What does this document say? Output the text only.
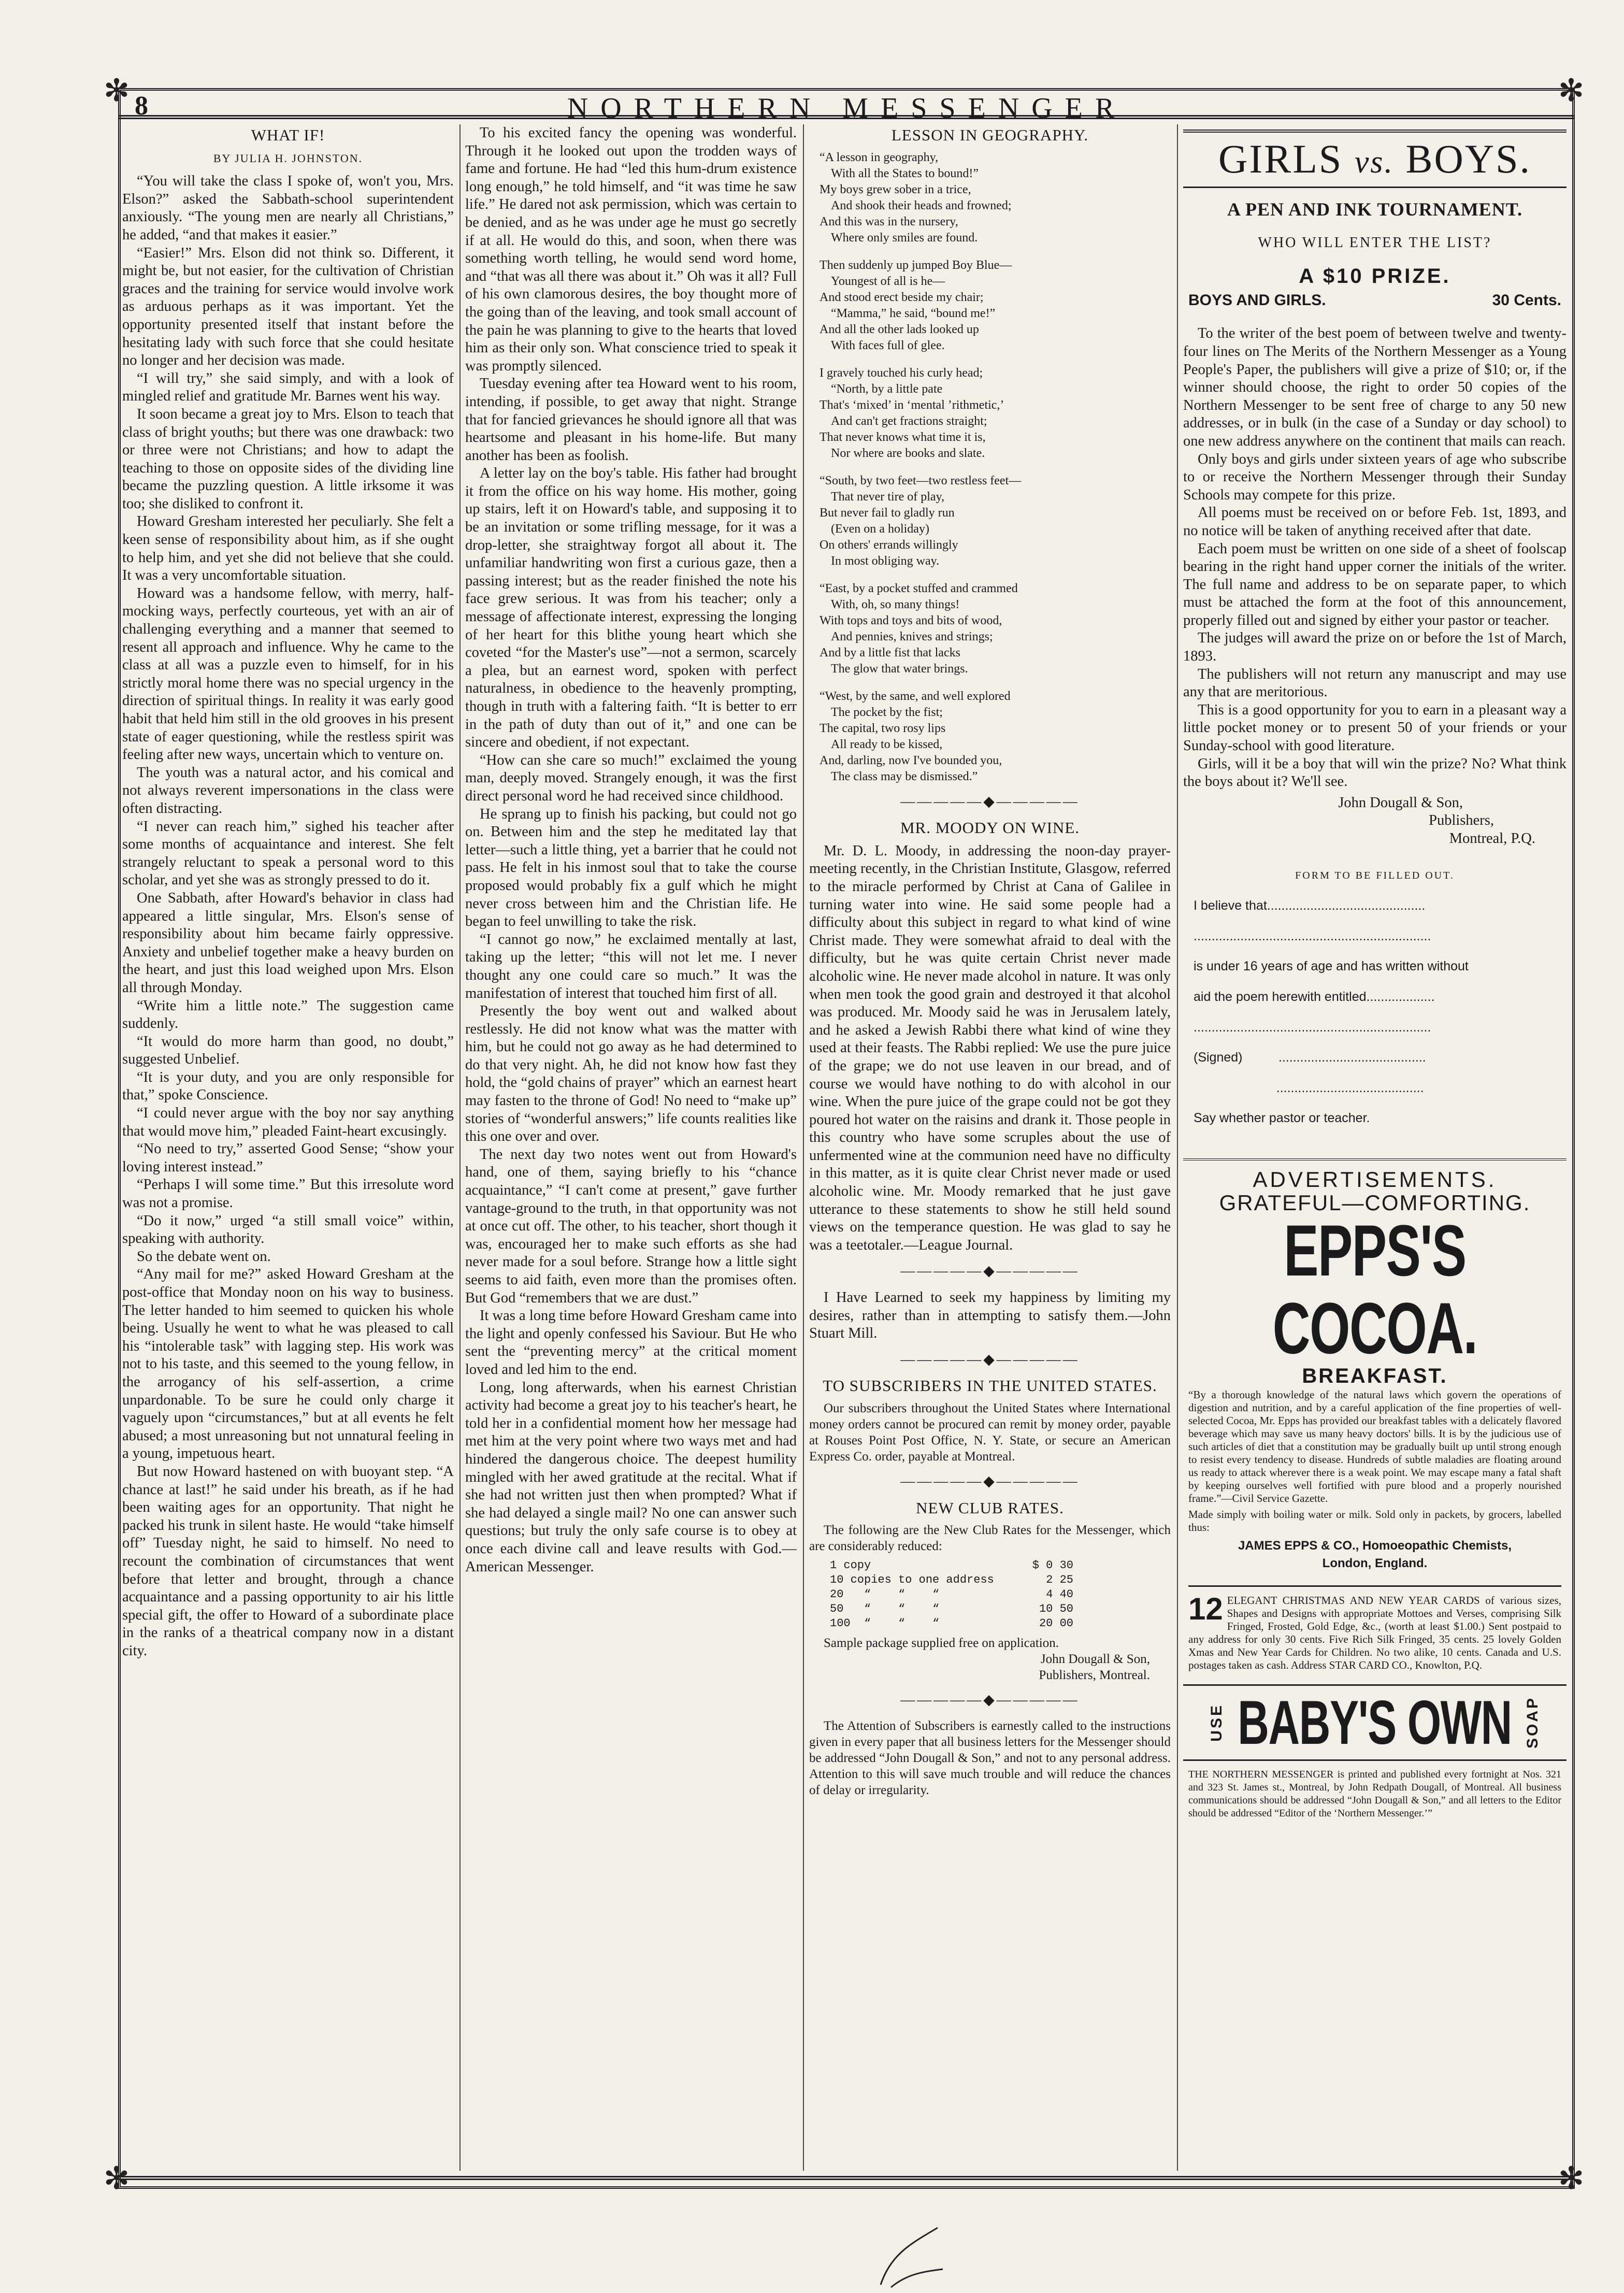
✻	✻
✻	✻
8	NORTHERN MESSENGER
WHAT IF!
BY JULIA H. JOHNSTON.

“You will take the class I spoke of, won't you, Mrs. Elson?” asked the Sabbath-school superintendent anxiously. “The young men are nearly all Christians,” he added, “and that makes it easier.”

“Easier!” Mrs. Elson did not think so. Different, it might be, but not easier, for the cultivation of Christian graces and the training for service would involve work as arduous perhaps as it was important. Yet the opportunity presented itself that instant before the hesitating lady with such force that she could hesitate no longer and her decision was made.

“I will try,” she said simply, and with a look of mingled relief and gratitude Mr. Barnes went his way.

It soon became a great joy to Mrs. Elson to teach that class of bright youths; but there was one drawback: two or three were not Christians; and how to adapt the teaching to those on opposite sides of the dividing line became the puzzling question. A little irksome it was too; she disliked to confront it.

Howard Gresham interested her peculiarly. She felt a keen sense of responsibility about him, as if she ought to help him, and yet she did not believe that she could. It was a very uncomfortable situation.

Howard was a handsome fellow, with merry, half-mocking ways, perfectly courteous, yet with an air of challenging everything and a manner that seemed to resent all approach and influence. Why he came to the class at all was a puzzle even to himself, for in his strictly moral home there was no special urgency in the direction of spiritual things. In reality it was early good habit that held him still in the old grooves in his present state of eager questioning, while the restless spirit was feeling after new ways, uncertain which to venture on.

The youth was a natural actor, and his comical and not always reverent impersonations in the class were often distracting.

“I never can reach him,” sighed his teacher after some months of acquaintance and interest. She felt strangely reluctant to speak a personal word to this scholar, and yet she was as strongly pressed to do it.

One Sabbath, after Howard's behavior in class had appeared a little singular, Mrs. Elson's sense of responsibility about him became fairly oppressive. Anxiety and unbelief together make a heavy burden on the heart, and just this load weighed upon Mrs. Elson all through Monday.

“Write him a little note.” The suggestion came suddenly.

“It would do more harm than good, no doubt,” suggested Unbelief.

“It is your duty, and you are only responsible for that,” spoke Conscience.

“I could never argue with the boy nor say anything that would move him,” pleaded Faint-heart excusingly.

“No need to try,” asserted Good Sense; “show your loving interest instead.”

“Perhaps I will some time.” But this irresolute word was not a promise.

“Do it now,” urged “a still small voice” within, speaking with authority.

So the debate went on.

“Any mail for me?” asked Howard Gresham at the post-office that Monday noon on his way to business. The letter handed to him seemed to quicken his whole being. Usually he went to what he was pleased to call his “intolerable task” with lagging step. His work was not to his taste, and this seemed to the young fellow, in the arrogancy of his self-assertion, a crime unpardonable. To be sure he could only charge it vaguely upon “circumstances,” but at all events he felt abused; a most unreasoning but not unnatural feeling in a young, impetuous heart.

But now Howard hastened on with buoyant step. “A chance at last!” he said under his breath, as if he had been waiting ages for an opportunity. That night he packed his trunk in silent haste. He would “take himself off” Tuesday night, he said to himself. No need to recount the combination of circumstances that went before that letter and brought, through a chance acquaintance and a passing opportunity to air his little special gift, the offer to Howard of a subordinate place in the ranks of a theatrical company now in a distant city.

To his excited fancy the opening was wonderful. Through it he looked out upon the trodden ways of fame and fortune. He had “led this hum-drum existence long enough,” he told himself, and “it was time he saw life.” He dared not ask permission, which was certain to be denied, and as he was under age he must go secretly if at all. He would do this, and soon, when there was something worth telling, he would send word home, and “that was all there was about it.” Oh was it all? Full of his own clamorous desires, the boy thought more of the going than of the leaving, and took small account of the pain he was planning to give to the hearts that loved him as their only son. What conscience tried to speak it was promptly silenced.

Tuesday evening after tea Howard went to his room, intending, if possible, to get away that night. Strange that for fancied grievances he should ignore all that was heartsome and pleasant in his home-life. But many another has been as foolish.

A letter lay on the boy's table. His father had brought it from the office on his way home. His mother, going up stairs, left it on Howard's table, and supposing it to be an invitation or some trifling message, for it was a drop-letter, she straightway forgot all about it. The unfamiliar handwriting won first a curious gaze, then a passing interest; but as the reader finished the note his face grew serious. It was from his teacher; only a message of affectionate interest, expressing the longing of her heart for this blithe young heart which she coveted “for the Master's use”—not a sermon, scarcely a plea, but an earnest word, spoken with perfect naturalness, in obedience to the heavenly prompting, though in truth with a faltering faith. “It is better to err in the path of duty than out of it,” and one can be sincere and obedient, if not expectant.

“How can she care so much!” exclaimed the young man, deeply moved. Strangely enough, it was the first direct personal word he had received since childhood.

He sprang up to finish his packing, but could not go on. Between him and the step he meditated lay that letter—such a little thing, yet a barrier that he could not pass. He felt in his inmost soul that to take the course proposed would probably fix a gulf which he might never cross between him and the Christian life. He began to feel unwilling to take the risk.

“I cannot go now,” he exclaimed mentally at last, taking up the letter; “this will not let me. I never thought any one could care so much.” It was the manifestation of interest that touched him first of all.

Presently the boy went out and walked about restlessly. He did not know what was the matter with him, but he could not go away as he had determined to do that very night. Ah, he did not know how fast they hold, the “gold chains of prayer” which an earnest heart may fasten to the throne of God! No need to “make up” stories of “wonderful answers;” life counts realities like this one over and over.

The next day two notes went out from Howard's hand, one of them, saying briefly to his “chance acquaintance,” “I can't come at present,” gave further vantage-ground to the truth, in that opportunity was not at once cut off. The other, to his teacher, short though it was, encouraged her to make such efforts as she had never made for a soul before. Strange how a little sight seems to aid faith, even more than the promises often. But God “remembers that we are dust.”

It was a long time before Howard Gresham came into the light and openly confessed his Saviour. But He who sent the “preventing mercy” at the critical moment loved and led him to the end.

Long, long afterwards, when his earnest Christian activity had become a great joy to his teacher's heart, he told her in a confidential moment how her message had met him at the very point where two ways met and had hindered the dangerous choice. The deepest humility mingled with her awed gratitude at the recital. What if she had not written just then when prompted? What if she had delayed a single mail? No one can answer such questions; but truly the only safe course is to obey at once each divine call and leave results with God.—American Messenger.

LESSON IN GEOGRAPHY.
“A lesson in geography,
With all the States to bound!”
My boys grew sober in a trice,
And shook their heads and frowned;
And this was in the nursery,
Where only smiles are found.
Then suddenly up jumped Boy Blue—
Youngest of all is he—
And stood erect beside my chair;
“Mamma,” he said, “bound me!”
And all the other lads looked up
With faces full of glee.
I gravely touched his curly head;
“North, by a little pate
That's ‘mixed’ in ‘mental ’rithmetic,’
And can't get fractions straight;
That never knows what time it is,
Nor where are books and slate.
“South, by two feet—two restless feet—
That never tire of play,
But never fail to gladly run
(Even on a holiday)
On others' errands willingly
In most obliging way.
“East, by a pocket stuffed and crammed
With, oh, so many things!
With tops and toys and bits of wood,
And pennies, knives and strings;
And by a little fist that lacks
The glow that water brings.
“West, by the same, and well explored
The pocket by the fist;
The capital, two rosy lips
All ready to be kissed,
And, darling, now I've bounded you,
The class may be dismissed.”
—————◆—————
MR. MOODY ON WINE.

Mr. D. L. Moody, in addressing the noon-day prayer-meeting recently, in the Christian Institute, Glasgow, referred to the miracle performed by Christ at Cana of Galilee in turning water into wine. He said some people had a difficulty about this subject in regard to what kind of wine Christ made. They were somewhat afraid to deal with the difficulty, but he was quite certain Christ never made alcoholic wine. He never made alcohol in nature. It was only when men took the good grain and destroyed it that alcohol was produced. Mr. Moody said he was in Jerusalem lately, and he asked a Jewish Rabbi there what kind of wine they used at their feasts. The Rabbi replied: We use the pure juice of the grape; we do not use leaven in our bread, and of course we would have nothing to do with alcohol in our wine. When the pure juice of the grape could not be got they poured hot water on the raisins and drank it. Those people in this country who have some scruples about the use of unfermented wine at the communion need have no difficulty in this matter, as it is quite clear Christ never made or used alcoholic wine. Mr. Moody remarked that he just gave utterance to these statements to show he still held sound views on the temperance question. He was glad to say he was a teetotaler.—League Journal.

—————◆—————

I Have Learned to seek my happiness by limiting my desires, rather than in attempting to satisfy them.—John Stuart Mill.

—————◆—————
TO SUBSCRIBERS IN THE UNITED STATES.

Our subscribers throughout the United States where International money orders cannot be procured can remit by money order, payable at Rouses Point Post Office, N. Y. State, or secure an American Express Co. order, payable at Montreal.

—————◆—————
NEW CLUB RATES.

The following are the New Club Rates for the Messenger, which are considerably reduced:

1 copy	$ 0 30
10 copies to one address	2 25
20   “    “    “	4 40
50   “    “    “	10 50
100  “    “    “	20 00

Sample package supplied free on application.

John Dougall & Son,
Publishers, Montreal.
—————◆—————

The Attention of Subscribers is earnestly called to the instructions given in every paper that all business letters for the Messenger should be addressed “John Dougall & Son,” and not to any personal address. Attention to this will save much trouble and will reduce the chances of delay or irregularity.

GIRLS vs. BOYS.
A PEN AND INK TOURNAMENT.
WHO WILL ENTER THE LIST?
A $10 PRIZE.
BOYS AND GIRLS.	30 Cents.

To the writer of the best poem of between twelve and twenty-four lines on The Merits of the Northern Messenger as a Young People's Paper, the publishers will give a prize of $10; or, if the winner should choose, the right to order 50 copies of the Northern Messenger to be sent free of charge to any 50 new addresses, or in bulk (in the case of a Sunday or day school) to one new address anywhere on the continent that mails can reach.

Only boys and girls under sixteen years of age who subscribe to or receive the Northern Messenger through their Sunday Schools may compete for this prize.

All poems must be received on or before Feb. 1st, 1893, and no notice will be taken of anything received after that date.

Each poem must be written on one side of a sheet of foolscap bearing in the right hand upper corner the initials of the writer. The full name and address to be on separate paper, to which must be attached the form at the foot of this announcement, properly filled out and signed by either your pastor or teacher.

The judges will award the prize on or before the 1st of March, 1893.

The publishers will not return any manuscript and may use any that are meritorious.

This is a good opportunity for you to earn in a pleasant way a little pocket money or to present 50 of your friends or your Sunday-school with good literature.

Girls, will it be a boy that will win the prize? No? What think the boys about it? We'll see.

John Dougall & Son,
Publishers,
Montreal, P.Q.
FORM TO BE FILLED OUT.
I believe that............................................
..................................................................
is under 16 years of age and has written without
aid the poem herewith entitled...................
..................................................................
(Signed)          .........................................
.........................................
Say whether pastor or teacher.
ADVERTISEMENTS.
GRATEFUL—COMFORTING.
EPPS'S COCOA.
BREAKFAST.
“By a thorough knowledge of the natural laws which govern the operations of digestion and nutrition, and by a careful application of the fine properties of well-selected Cocoa, Mr. Epps has provided our breakfast tables with a delicately flavored beverage which may save us many heavy doctors' bills. It is by the judicious use of such articles of diet that a constitution may be gradually built up until strong enough to resist every tendency to disease. Hundreds of subtle maladies are floating around us ready to attack wherever there is a weak point. We may escape many a fatal shaft by keeping ourselves well fortified with pure blood and a properly nourished frame.”—Civil Service Gazette.
Made simply with boiling water or milk. Sold only in packets, by grocers, labelled thus:
JAMES EPPS & CO., Homoeopathic Chemists,
London, England.
12 ELEGANT CHRISTMAS AND NEW YEAR CARDS of various sizes, Shapes and Designs with appropriate Mottoes and Verses, comprising Silk Fringed, Frosted, Gold Edge, &c., (worth at least $1.00.) Sent postpaid to any address for only 30 cents. Five Rich Silk Fringed, 35 cents. 25 lovely Golden Xmas and New Year Cards for Children. No two alike, 10 cents. Canada and U.S. postages taken as cash. Address STAR CARD CO., Knowlton, P.Q.
USE BABY'S OWN SOAP
THE NORTHERN MESSENGER is printed and published every fortnight at Nos. 321 and 323 St. James st., Montreal, by John Redpath Dougall, of Montreal. All business communications should be addressed “John Dougall & Son,” and all letters to the Editor should be addressed “Editor of the ‘Northern Messenger.’”
